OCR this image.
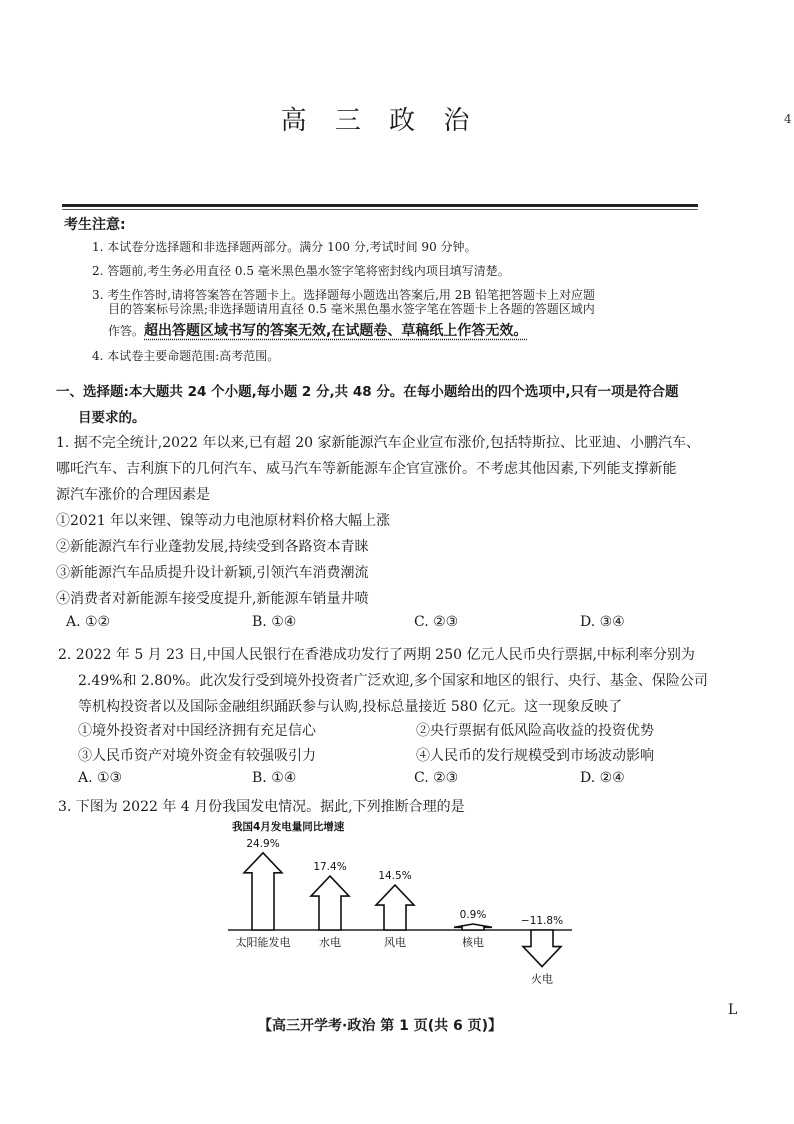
高 三 政 治	4
考生注意:
1. 本试卷分选择题和非选择题两部分。满分 100 分,考试时间 90 分钟。
2. 答题前,考生务必用直径 0.5 毫米黑色墨水签字笔将密封线内项目填写清楚。
3. 考生作答时,请将答案答在答题卡上。选择题每小题选出答案后,用 2B 铅笔把答题卡上对应题
目的答案标号涂黑;非选择题请用直径 0.5 毫米黑色墨水签字笔在答题卡上各题的答题区域内
作答。超出答题区域书写的答案无效,在试题卷、草稿纸上作答无效。
4. 本试卷主要命题范围:高考范围。
一、选择题:本大题共 24 个小题,每小题 2 分,共 48 分。在每小题给出的四个选项中,只有一项是符合题
目要求的。
1. 据不完全统计,2022 年以来,已有超 20 家新能源汽车企业宣布涨价,包括特斯拉、比亚迪、小鹏汽车、
哪吒汽车、吉利旗下的几何汽车、威马汽车等新能源车企官宣涨价。不考虑其他因素,下列能支撑新能
源汽车涨价的合理因素是
①2021 年以来锂、镍等动力电池原材料价格大幅上涨
②新能源汽车行业蓬勃发展,持续受到各路资本青睐
③新能源汽车品质提升设计新颖,引领汽车消费潮流
④消费者对新能源车接受度提升,新能源车销量井喷
A. ①②	B. ①④	C. ②③	D. ③④
2. 2022 年 5 月 23 日,中国人民银行在香港成功发行了两期 250 亿元人民币央行票据,中标利率分别为
2.49%和 2.80%。此次发行受到境外投资者广泛欢迎,多个国家和地区的银行、央行、基金、保险公司
等机构投资者以及国际金融组织踊跃参与认购,投标总量接近 580 亿元。这一现象反映了
①境外投资者对中国经济拥有充足信心	②央行票据有低风险高收益的投资优势
③人民币资产对境外资金有较强吸引力	④人民币的发行规模受到市场波动影响
A. ①③	B. ①④	C. ②③	D. ②④
3. 下图为 2022 年 4 月份我国发电情况。据此,下列推断合理的是
我国4月发电量同比增速
24.9%
太阳能发电
17.4%
水电
14.5%
风电
0.9%
核电
−11.8%
火电
【高三开学考·政治 第 1 页(共 6 页)】
L
